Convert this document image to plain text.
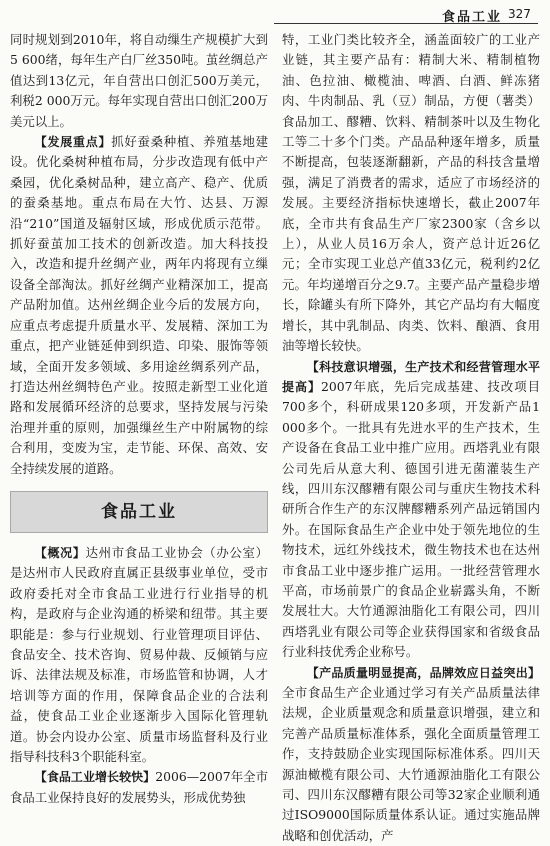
食品工业 327

同时规划到2010年，将自动缫生产规模扩大到5 600绪，每年生产白厂丝350吨。茧丝绸总产值达到13亿元，年自营出口创汇500万美元，利税2 000万元。每年实现自营出口创汇200万美元以上。

【发展重点】抓好蚕桑种植、养殖基地建设。优化桑树种植布局，分步改造现有低中产桑园，优化桑树品种，建立高产、稳产、优质的蚕桑基地。重点布局在大竹、达县、万源沿“210”国道及辐射区域，形成优质示范带。抓好蚕茧加工技术的创新改造。加大科技投入，改造和提升丝绸产业，两年内将现有立缫设备全部淘汰。抓好丝绸产业精深加工，提高产品附加值。达州丝绸企业今后的发展方向，应重点考虑提升质量水平、发展精、深加工为重点，把产业链延伸到织造、印染、服饰等领域，全面开发多领域、多用途丝绸系列产品，打造达州丝绸特色产业。按照走新型工业化道路和发展循环经济的总要求，坚持发展与污染治理并重的原则，加强缫丝生产中附属物的综合利用，变废为宝，走节能、环保、高效、安全持续发展的道路。

食品工业

【概况】达州市食品工业协会（办公室）是达州市人民政府直属正县级事业单位，受市政府委托对全市食品工业进行行业指导的机构，是政府与企业沟通的桥梁和纽带。其主要职能是：参与行业规划、行业管理项目评估、食品安全、技术咨询、贸易仲裁、反倾销与应诉、法律法规及标准，市场监管和协调，人才培训等方面的作用，保障食品企业的合法利益，使食品工业企业逐渐步入国际化管理轨道。协会内设办公室、质量市场监督科及行业指导科技科3个职能科室。

【食品工业增长较快】2006—2007年全市食品工业保持良好的发展势头，形成优势独

特，工业门类比较齐全，涵盖面较广的工业产业链，其主要产品有：精制大米、精制植物油、色拉油、橄榄油、啤酒、白酒、鲜冻猪肉、牛肉制品、乳（豆）制品，方便（薯类）食品加工、醪糟、饮料、精制茶叶以及生物化工等二十多个门类。产品品种逐年增多，质量不断提高，包装逐渐翻新，产品的科技含量增强，满足了消费者的需求，适应了市场经济的发展。主要经济指标快速增长，截止2007年底，全市共有食品生产厂家2300家（含乡以上），从业人员16万余人，资产总计近26亿元；全市实现工业总产值33亿元，税利约2亿元。年均递增百分之9.7。主要产品产量稳步增长，除罐头有所下降外，其它产品均有大幅度增长，其中乳制品、肉类、饮料、酿酒、食用油等增长较快。

【科技意识增强，生产技术和经营管理水平提高】2007年底，先后完成基建、技改项目700多个，科研成果120多项，开发新产品1 000多个。一批具有先进水平的生产技术，生产设备在食品工业中推广应用。西塔乳业有限公司先后从意大利、德国引进无菌灌装生产线，四川东汉醪糟有限公司与重庆生物技术科研所合作生产的东汉牌醪糟系列产品远销国内外。在国际食品生产企业中处于领先地位的生物技术，远红外线技术，微生物技术也在达州市食品工业中逐步推广运用。一批经营管理水平高，市场前景广的食品企业崭露头角，不断发展壮大。大竹通源油脂化工有限公司，四川西塔乳业有限公司等企业获得国家和省级食品行业科技优秀企业称号。

【产品质量明显提高，品牌效应日益突出】全市食品生产企业通过学习有关产品质量法律法规，企业质量观念和质量意识增强，建立和完善产品质量标准体系，强化全面质量管理工作，支持鼓励企业实现国际标准体系。四川天源油橄榄有限公司、大竹通源油脂化工有限公司、四川东汉醪糟有限公司等32家企业顺利通过ISO9000国际质量体系认证。通过实施品牌战略和创优活动，产
